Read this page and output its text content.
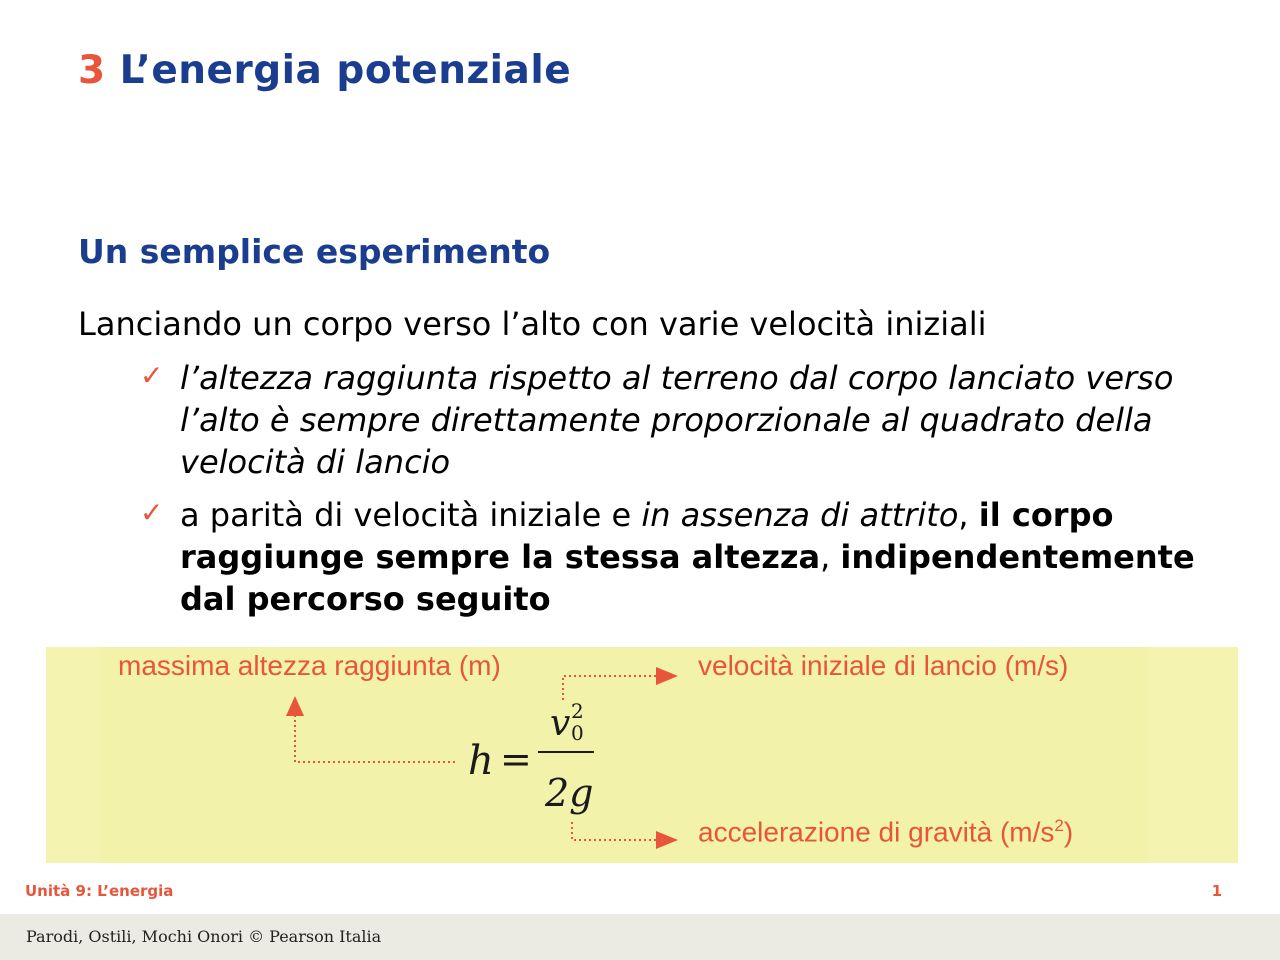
3 L’energia potenziale
Un semplice esperimento

Lanciando un corpo verso l’alto con varie velocità iniziali

✓ l’altezza raggiunta rispetto al terreno dal corpo lanciato verso l’alto è sempre direttamente proporzionale al quadrato della velocità di lancio
✓ a parità di velocità iniziale e in assenza di attrito, il corpo raggiunge sempre la stessa altezza, indipendentemente dal percorso seguito
massima altezza raggiunta (m)	velocità iniziale di lancio (m/s)
accelerazione di gravità $(m/s^2)$
h =
v 2
0
2g
Unità 9: L’energia	1
Parodi, Ostili, Mochi Onori © Pearson Italia
